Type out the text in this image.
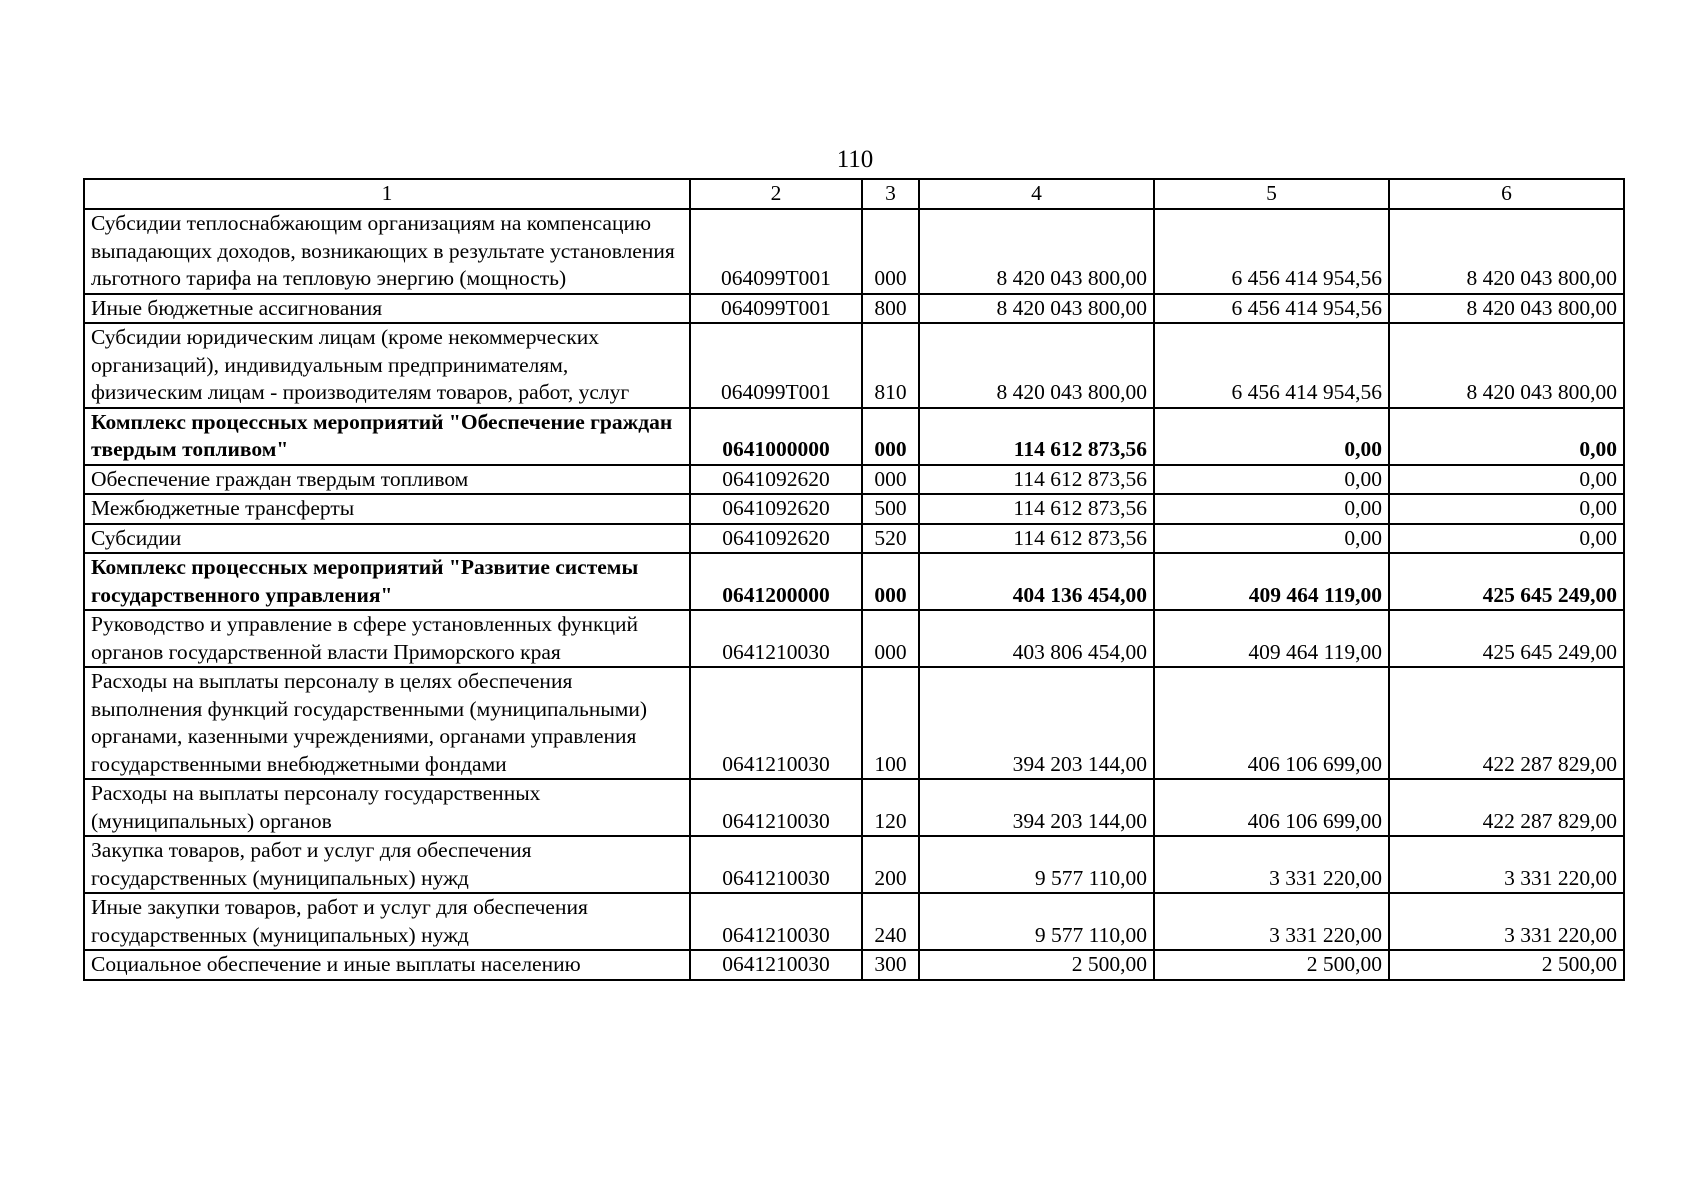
110
1	2	3	4	5	6
Субсидии теплоснабжающим организациям на компенсацию выпадающих доходов, возникающих в результате установления льготного тарифа на тепловую энергию (мощность)	064099Т001	000	8 420 043 800,00	6 456 414 954,56	8 420 043 800,00
Иные бюджетные ассигнования	064099Т001	800	8 420 043 800,00	6 456 414 954,56	8 420 043 800,00
Субсидии юридическим лицам (кроме некоммерческих организаций), индивидуальным предпринимателям, физическим лицам - производителям товаров, работ, услуг	064099Т001	810	8 420 043 800,00	6 456 414 954,56	8 420 043 800,00
Комплекс процессных мероприятий "Обеспечение граждан твердым топливом"	0641000000	000	114 612 873,56	0,00	0,00
Обеспечение граждан твердым топливом	0641092620	000	114 612 873,56	0,00	0,00
Межбюджетные трансферты	0641092620	500	114 612 873,56	0,00	0,00
Субсидии	0641092620	520	114 612 873,56	0,00	0,00
Комплекс процессных мероприятий "Развитие системы государственного управления"	0641200000	000	404 136 454,00	409 464 119,00	425 645 249,00
Руководство и управление в сфере установленных функций органов государственной власти Приморского края	0641210030	000	403 806 454,00	409 464 119,00	425 645 249,00
Расходы на выплаты персоналу в целях обеспечения выполнения функций государственными (муниципальными) органами, казенными учреждениями, органами управления государственными внебюджетными фондами	0641210030	100	394 203 144,00	406 106 699,00	422 287 829,00
Расходы на выплаты персоналу государственных (муниципальных) органов	0641210030	120	394 203 144,00	406 106 699,00	422 287 829,00
Закупка товаров, работ и услуг для обеспечения государственных (муниципальных) нужд	0641210030	200	9 577 110,00	3 331 220,00	3 331 220,00
Иные закупки товаров, работ и услуг для обеспечения государственных (муниципальных) нужд	0641210030	240	9 577 110,00	3 331 220,00	3 331 220,00
Социальное обеспечение и иные выплаты населению	0641210030	300	2 500,00	2 500,00	2 500,00
